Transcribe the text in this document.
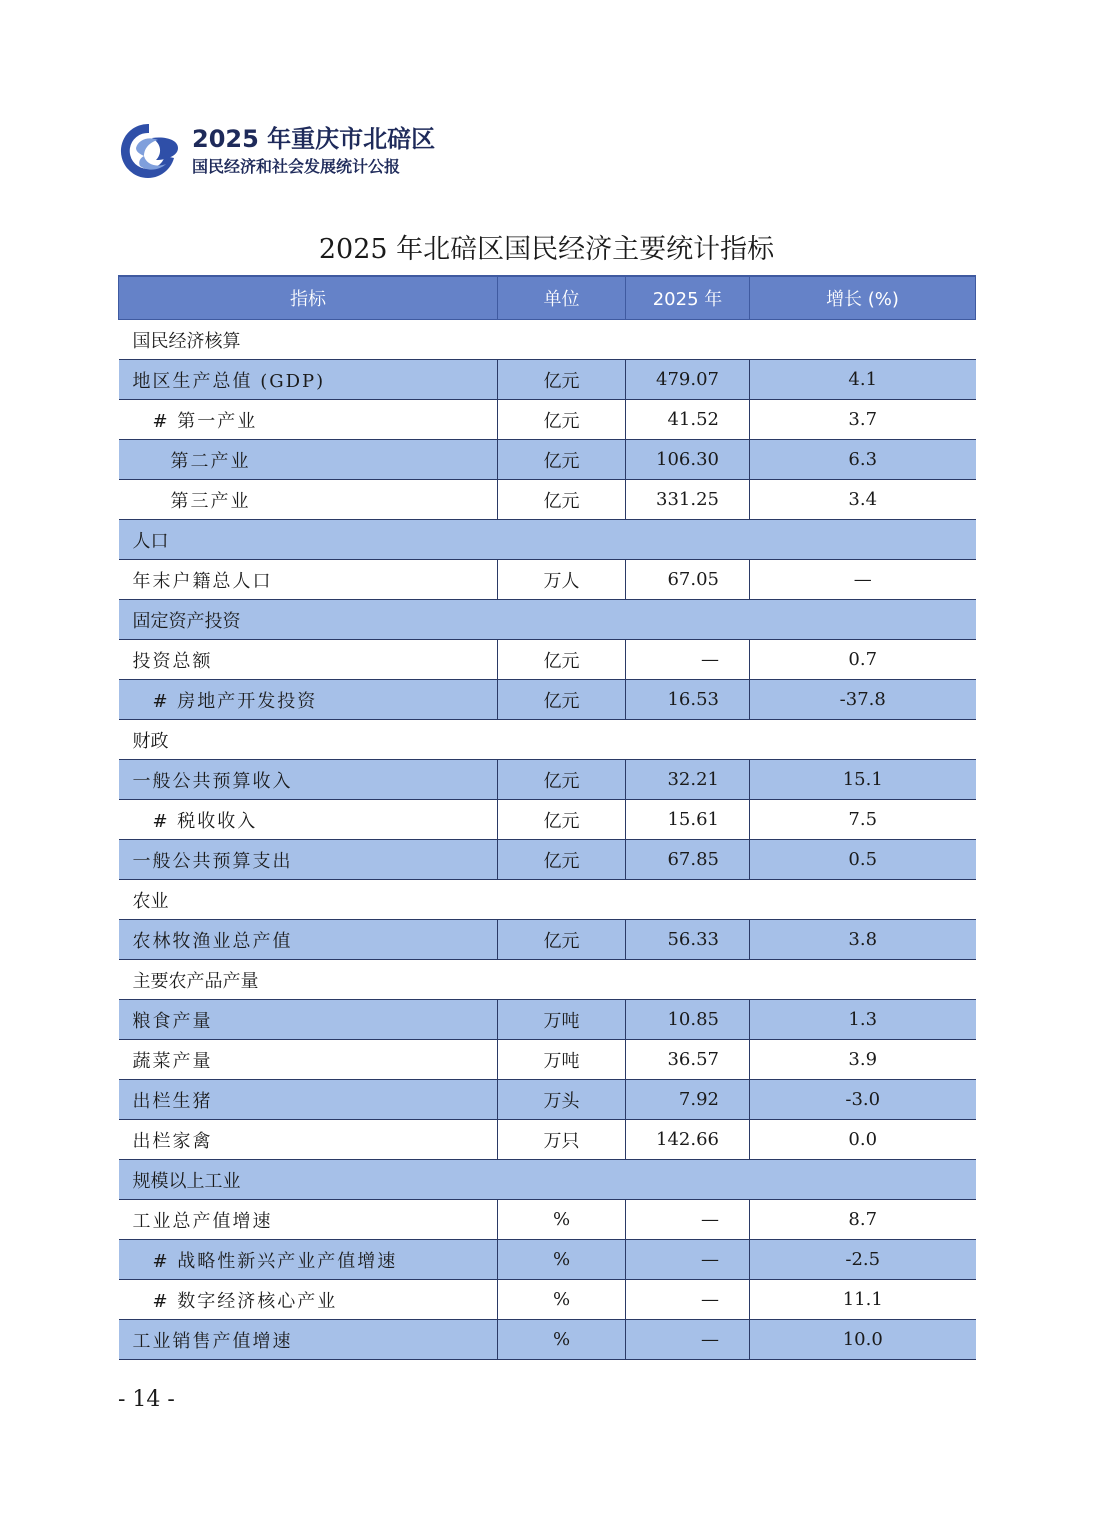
2025 年重庆市北碚区
国民经济和社会发展统计公报
2025 年北碚区国民经济主要统计指标
指标	单位	2025 年	增长 (%)
国民经济核算			
地区生产总值 (GDP)	亿元	479.07	4.1
# 第一产业	亿元	41.52	3.7
第二产业	亿元	106.30	6.3
第三产业	亿元	331.25	3.4
人口			
年末户籍总人口	万人	67.05	—
固定资产投资			
投资总额	亿元	—	0.7
# 房地产开发投资	亿元	16.53	-37.8
财政			
一般公共预算收入	亿元	32.21	15.1
# 税收收入	亿元	15.61	7.5
一般公共预算支出	亿元	67.85	0.5
农业			
农林牧渔业总产值	亿元	56.33	3.8
主要农产品产量			
粮食产量	万吨	10.85	1.3
蔬菜产量	万吨	36.57	3.9
出栏生猪	万头	7.92	-3.0
出栏家禽	万只	142.66	0.0
规模以上工业			
工业总产值增速	%	—	8.7
# 战略性新兴产业产值增速	%	—	-2.5
# 数字经济核心产业	%	—	11.1
工业销售产值增速	%	—	10.0
- 14 -
